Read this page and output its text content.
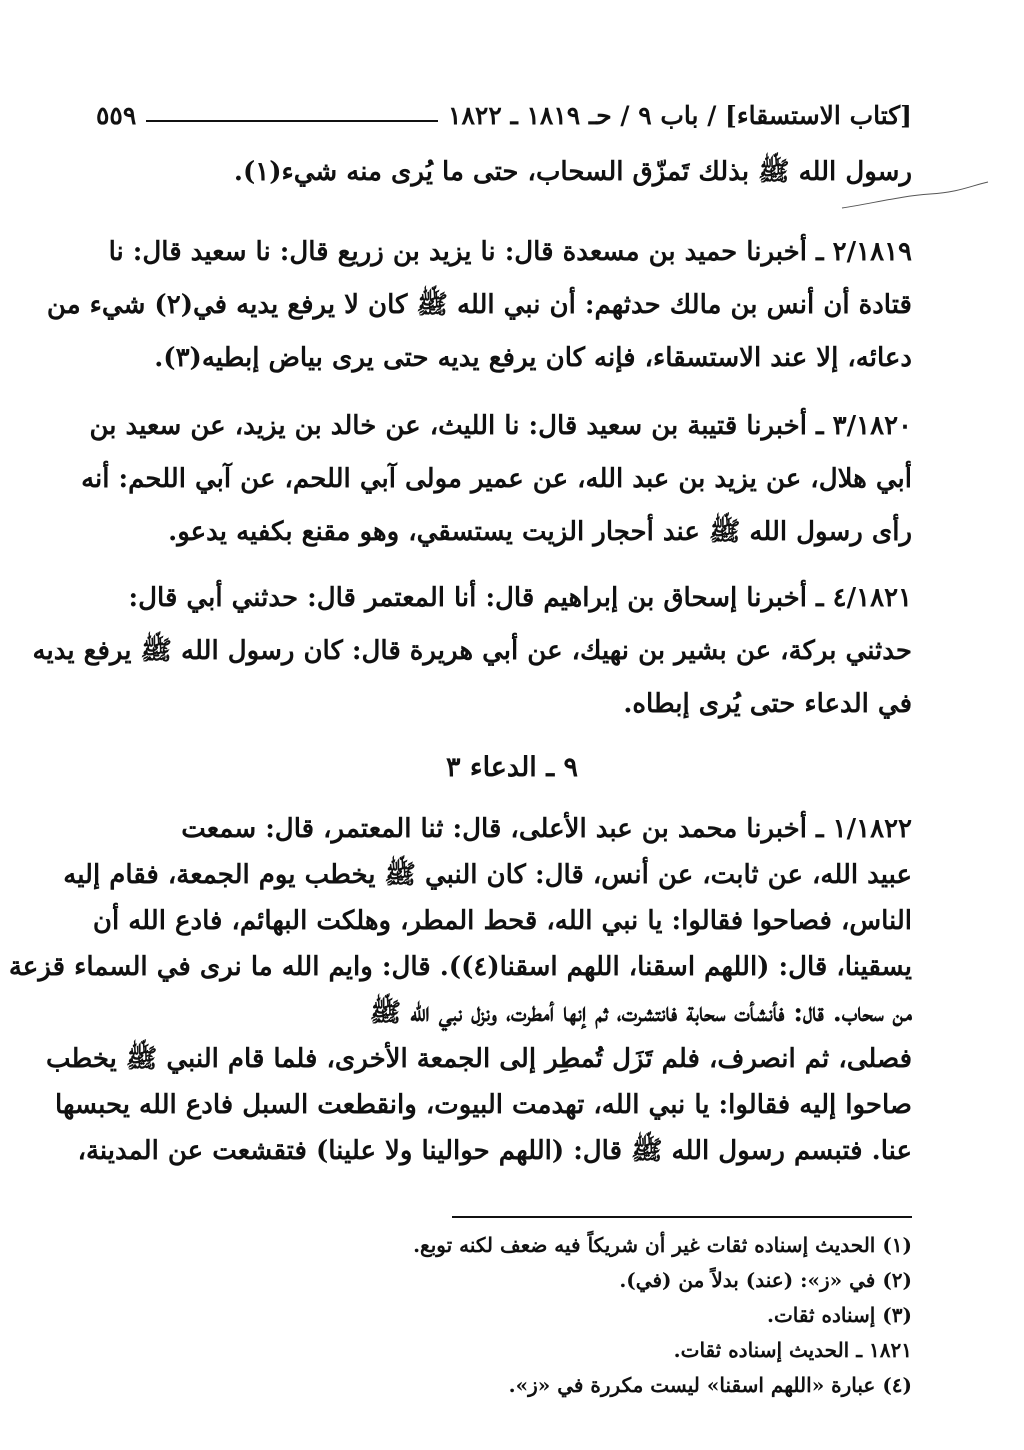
[كتاب الاستسقاء] / باب ٩ / حـ ١٨١٩ ـ ١٨٢٢
٥٥٩
رسول الله ﷺ بذلك تَمزّق السحاب، حتى ما يُرى منه شيء(١).
٢/١٨١٩ ـ أخبرنا حميد بن مسعدة قال: نا يزيد بن زريع قال: نا سعيد قال: نا
قتادة أن أنس بن مالك حدثهم: أن نبي الله ﷺ كان لا يرفع يديه في(٢) شيء من
دعائه، إلا عند الاستسقاء، فإنه كان يرفع يديه حتى يرى بياض إبطيه(٣).
٣/١٨٢٠ ـ أخبرنا قتيبة بن سعيد قال: نا الليث، عن خالد بن يزيد، عن سعيد بن
أبي هلال، عن يزيد بن عبد الله، عن عمير مولى آبي اللحم، عن آبي اللحم: أنه
رأى رسول الله ﷺ عند أحجار الزيت يستسقي، وهو مقنع بكفيه يدعو.
٤/١٨٢١ ـ أخبرنا إسحاق بن إبراهيم قال: أنا المعتمر قال: حدثني أبي قال:
حدثني بركة، عن بشير بن نهيك، عن أبي هريرة قال: كان رسول الله ﷺ يرفع يديه
في الدعاء حتى يُرى إبطاه.
٩ ـ الدعاء ٣
١/١٨٢٢ ـ أخبرنا محمد بن عبد الأعلى، قال: ثنا المعتمر، قال: سمعت
عبيد الله، عن ثابت، عن أنس، قال: كان النبي ﷺ يخطب يوم الجمعة، فقام إليه
الناس، فصاحوا فقالوا: يا نبي الله، قحط المطر، وهلكت البهائم، فادع الله أن
يسقينا، قال: (اللهم اسقنا، اللهم اسقنا(٤)). قال: وايم الله ما نرى في السماء قزعة
من سحاب. قال: فأنشأت سحابة فانتشرت، ثم إنها أمطرت، ونزل نبي الله ﷺ
فصلى، ثم انصرف، فلم تَزَل تُمطِر إلى الجمعة الأخرى، فلما قام النبي ﷺ يخطب
صاحوا إليه فقالوا: يا نبي الله، تهدمت البيوت، وانقطعت السبل فادع الله يحبسها
عنا. فتبسم رسول الله ﷺ قال: (اللهم حوالينا ولا علينا) فتقشعت عن المدينة،
(١) الحديث إسناده ثقات غير أن شريكاً فيه ضعف لكنه توبع.
(٢) في «ز»: (عند) بدلاً من (في).
(٣) إسناده ثقات.
١٨٢١ ـ الحديث إسناده ثقات.
(٤) عبارة «اللهم اسقنا» ليست مكررة في «ز».
